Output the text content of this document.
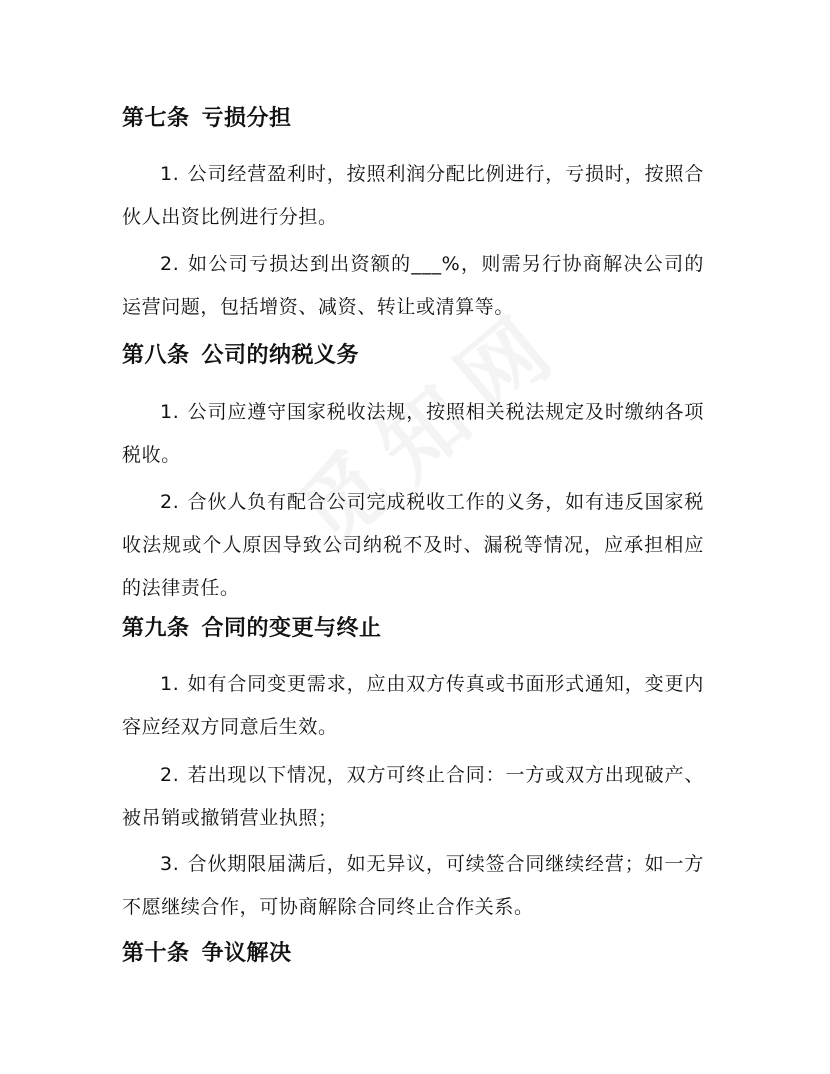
第七条 亏损分担
1. 公司经营盈利时，按照利润分配比例进行，亏损时，按照合伙人出资比例进行分担。
2. 如公司亏损达到出资额的___%，则需另行协商解决公司的运营问题，包括增资、减资、转让或清算等。
第八条 公司的纳税义务
1. 公司应遵守国家税收法规，按照相关税法规定及时缴纳各项税收。
2. 合伙人负有配合公司完成税收工作的义务，如有违反国家税收法规或个人原因导致公司纳税不及时、漏税等情况，应承担相应的法律责任。
第九条 合同的变更与终止
1. 如有合同变更需求，应由双方传真或书面形式通知，变更内容应经双方同意后生效。
2. 若出现以下情况，双方可终止合同：一方或双方出现破产、被吊销或撤销营业执照；
3. 合伙期限届满后，如无异议，可续签合同继续经营；如一方不愿继续合作，可协商解除合同终止合作关系。
第十条 争议解决
